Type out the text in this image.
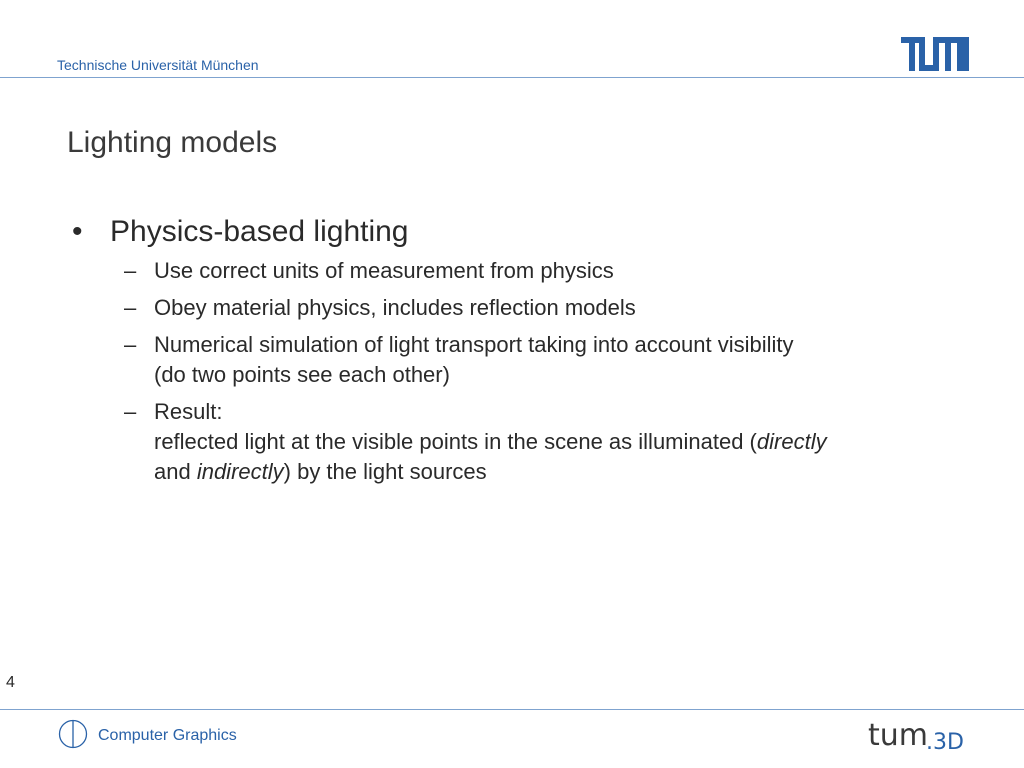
Technische Universität München
Lighting models
• Physics-based lighting
– Use correct units of measurement from physics
– Obey material physics, includes reflection models
– Numerical simulation of light transport taking into account visibility
(do two points see each other)
– Result:
reflected light at the visible points in the scene as illuminated (directly
and indirectly) by the light sources
4
Computer Graphics	tum
.3D
